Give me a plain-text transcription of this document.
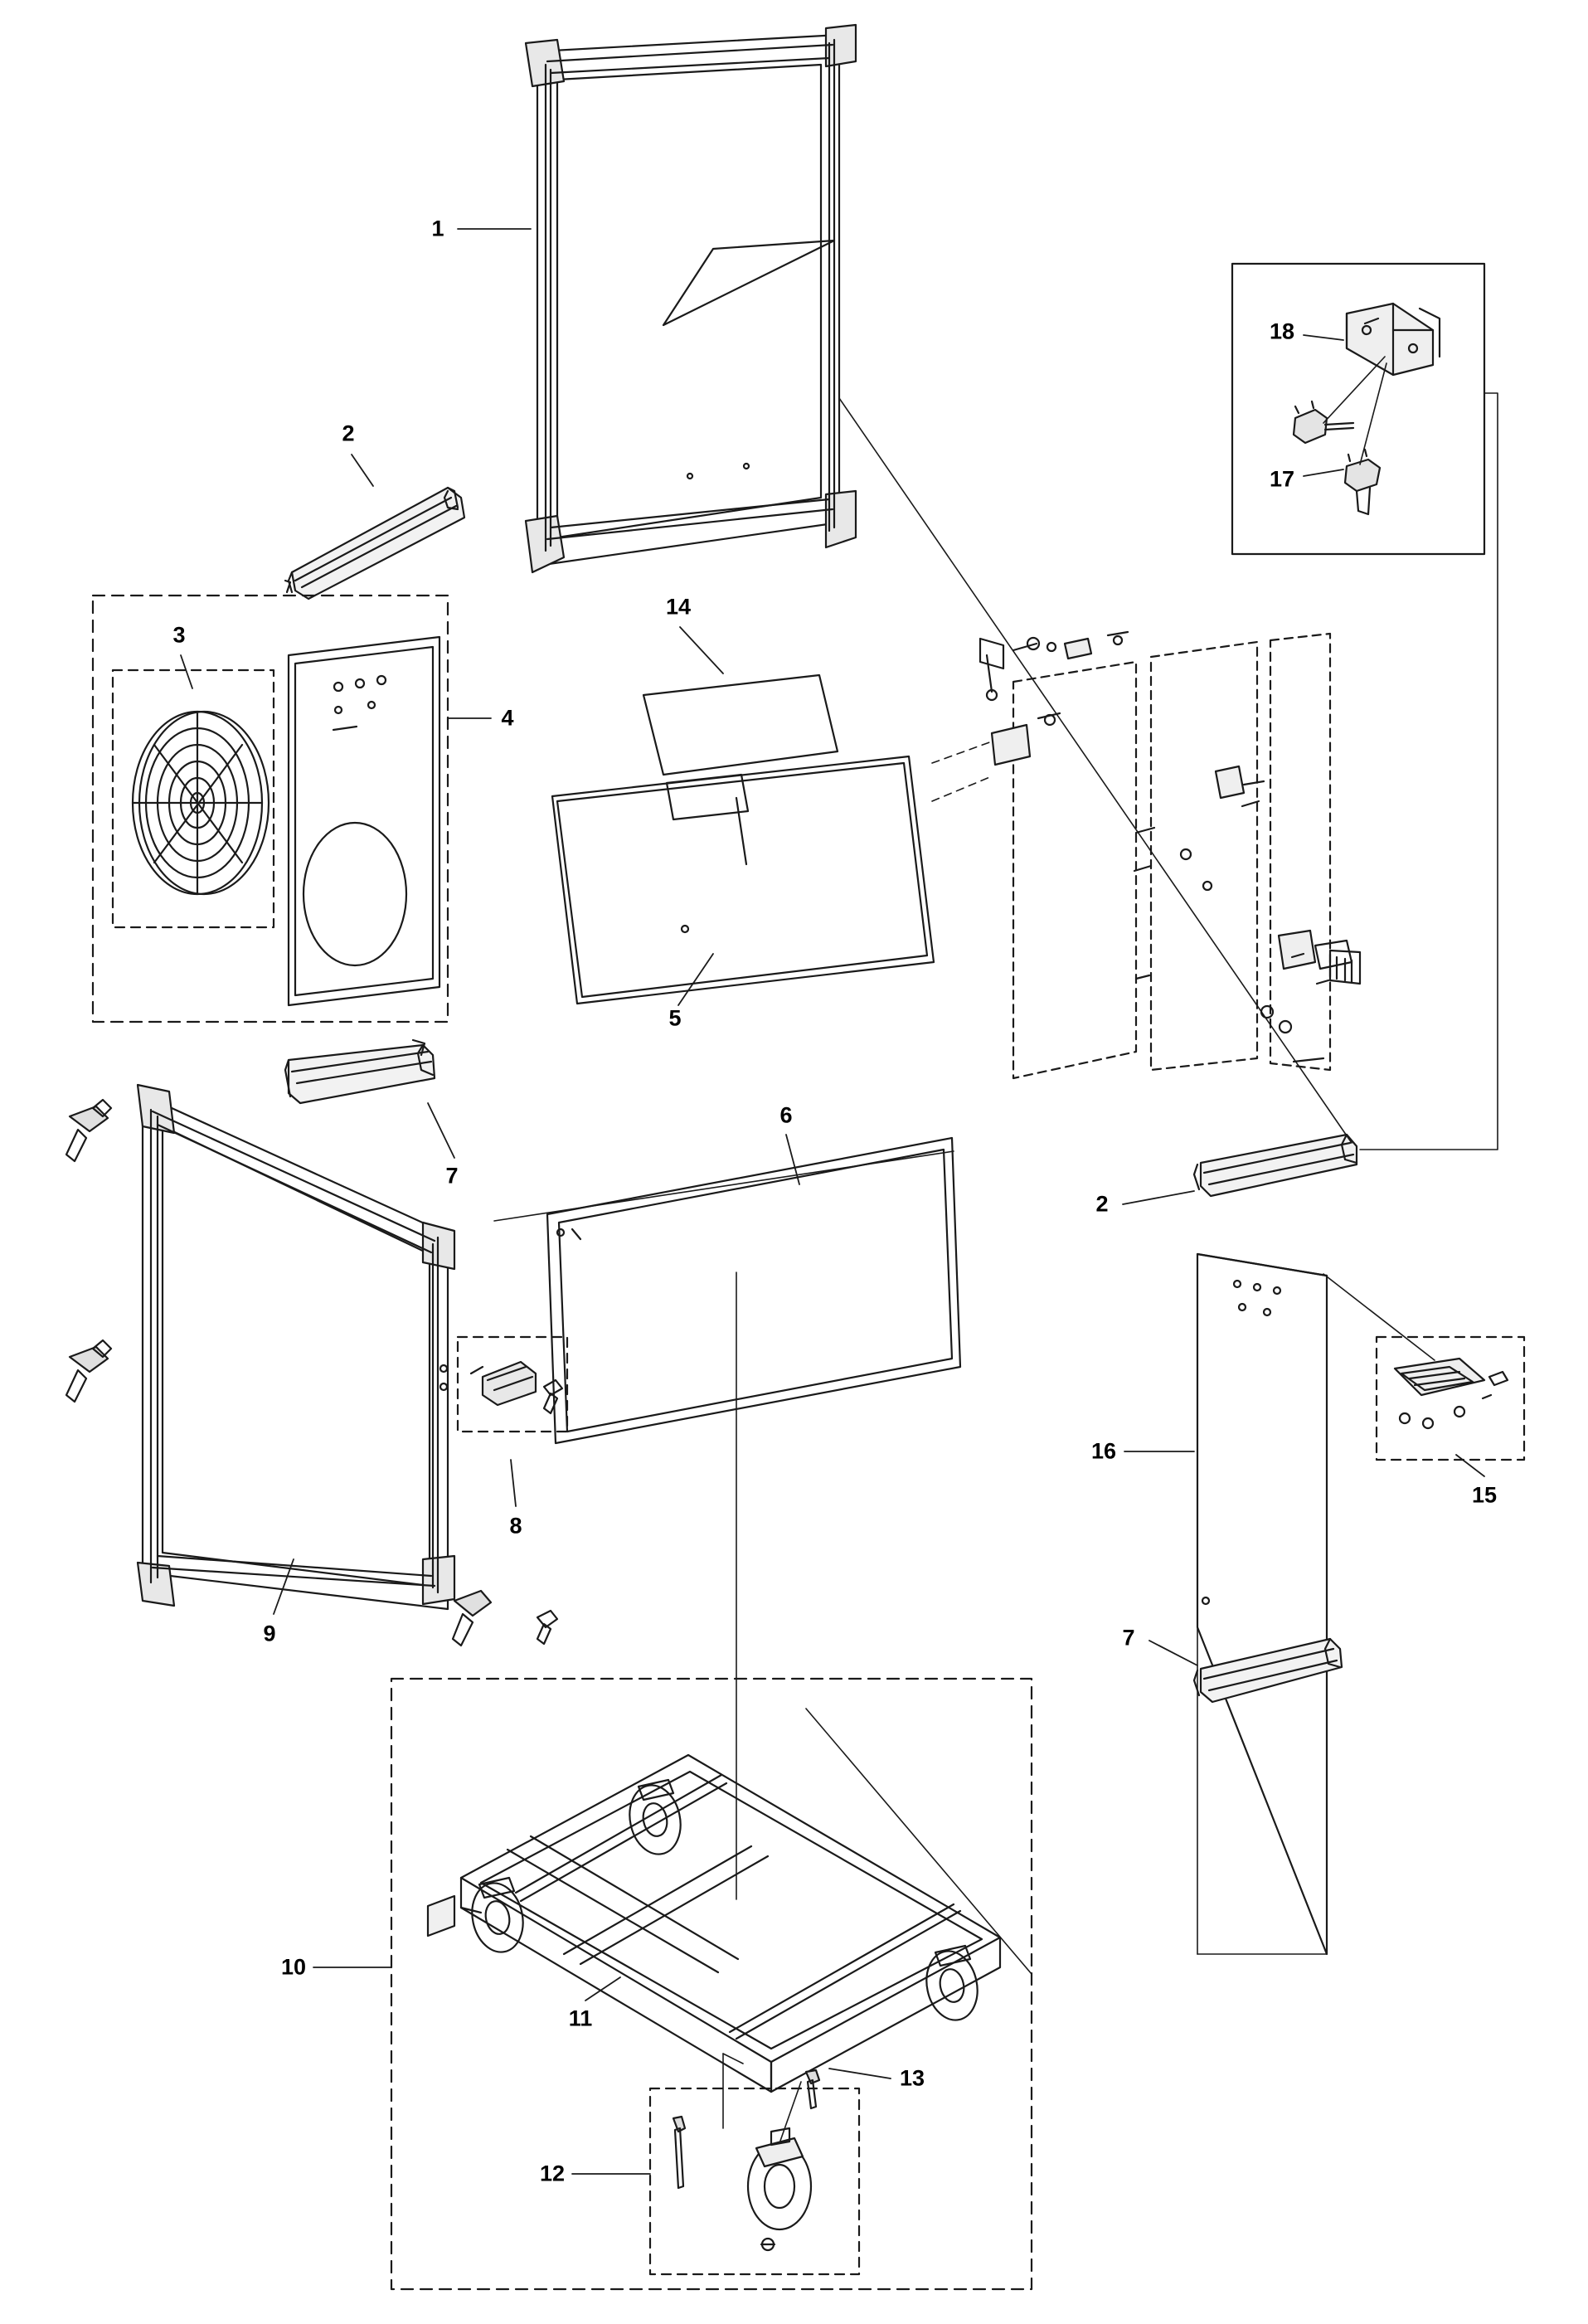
1
2
3
4
5
6
7
8
9
10
11
12
13
14
15
16
17
18
2
7
